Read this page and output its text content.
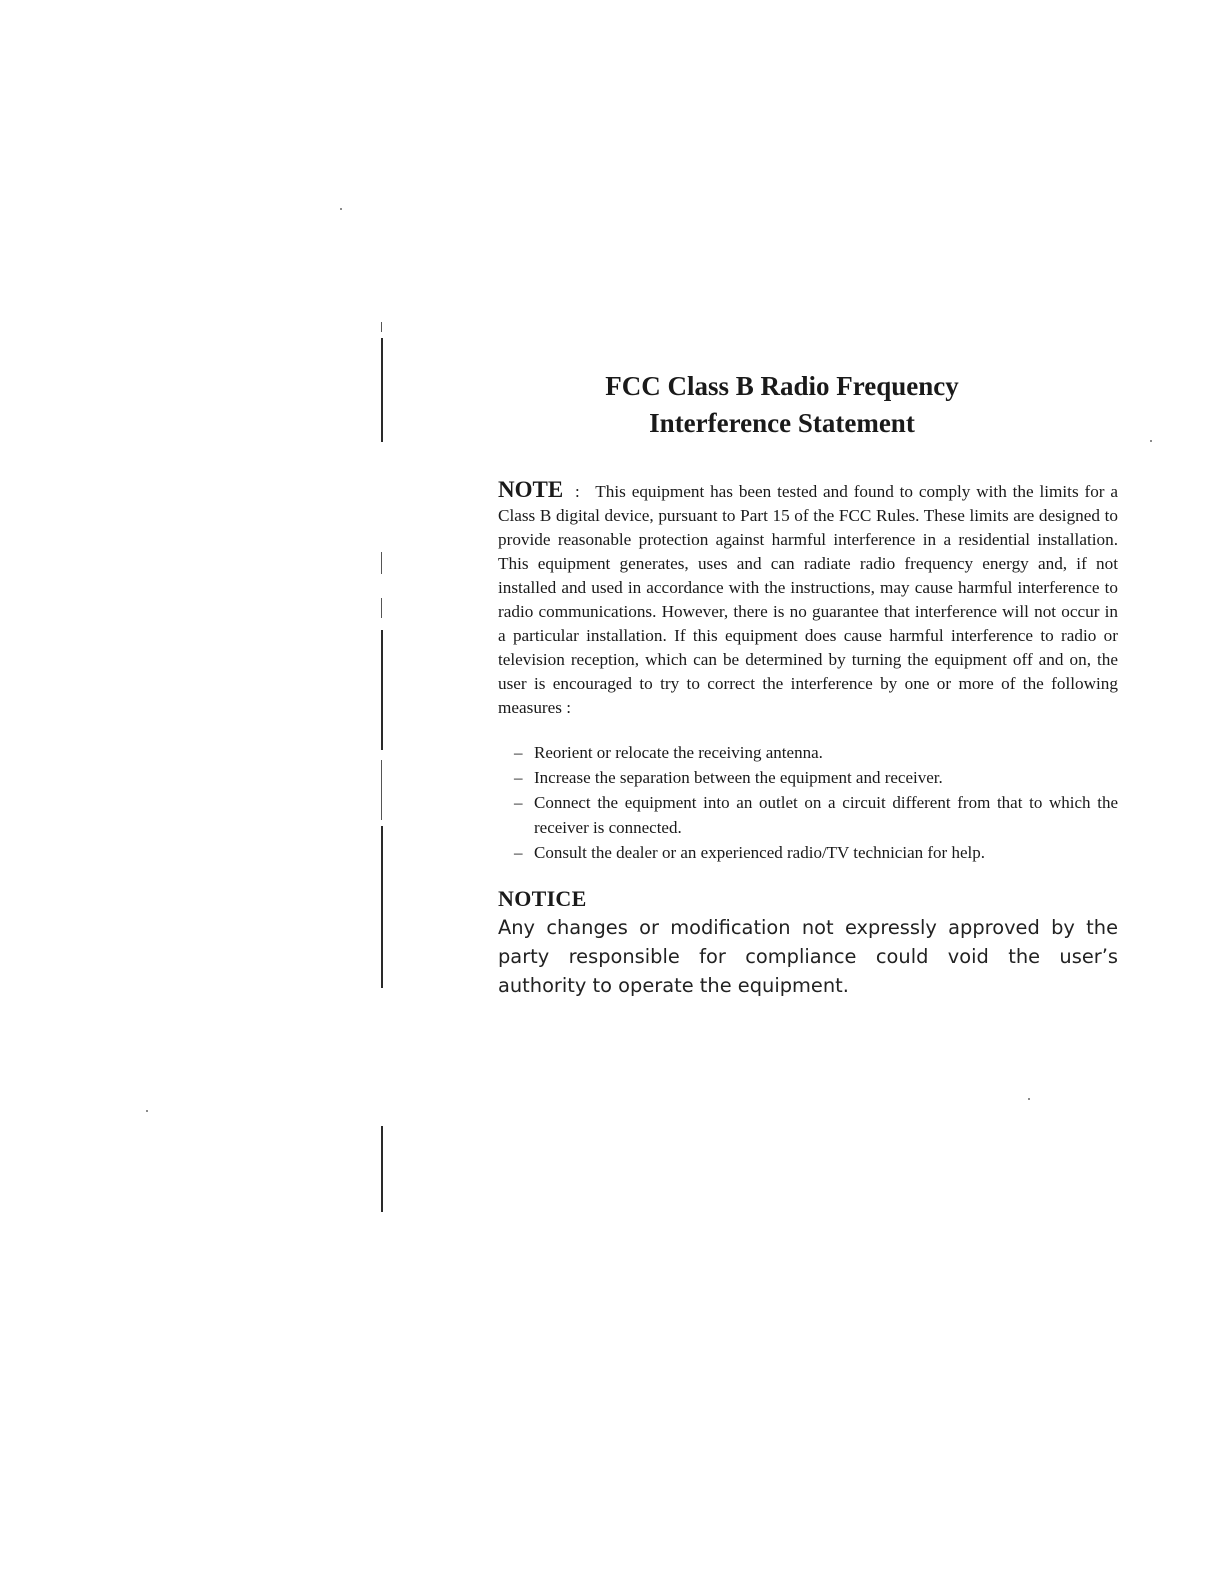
FCC Class B Radio Frequency
Interference Statement

NOTE : This equipment has been tested and found to comply with the limits for a Class B digital device, pursuant to Part 15 of the FCC Rules. These limits are designed to provide reasonable protection against harmful interference in a residential installation. This equipment generates, uses and can radiate radio frequency energy and, if not installed and used in accordance with the instructions, may cause harmful interference to radio communications. However, there is no guarantee that interference will not occur in a particular installation. If this equipment does cause harmful interference to radio or television reception, which can be determined by turning the equipment off and on, the user is encouraged to try to correct the interference by one or more of the following measures :

– Reorient or relocate the receiving antenna.
– Increase the separation between the equipment and receiver.
– Connect the equipment into an outlet on a circuit different from that to which the receiver is connected.
– Consult the dealer or an experienced radio/TV technician for help.
NOTICE

Any changes or modification not expressly approved by the party responsible for compliance could void the user’s authority to operate the equipment.
